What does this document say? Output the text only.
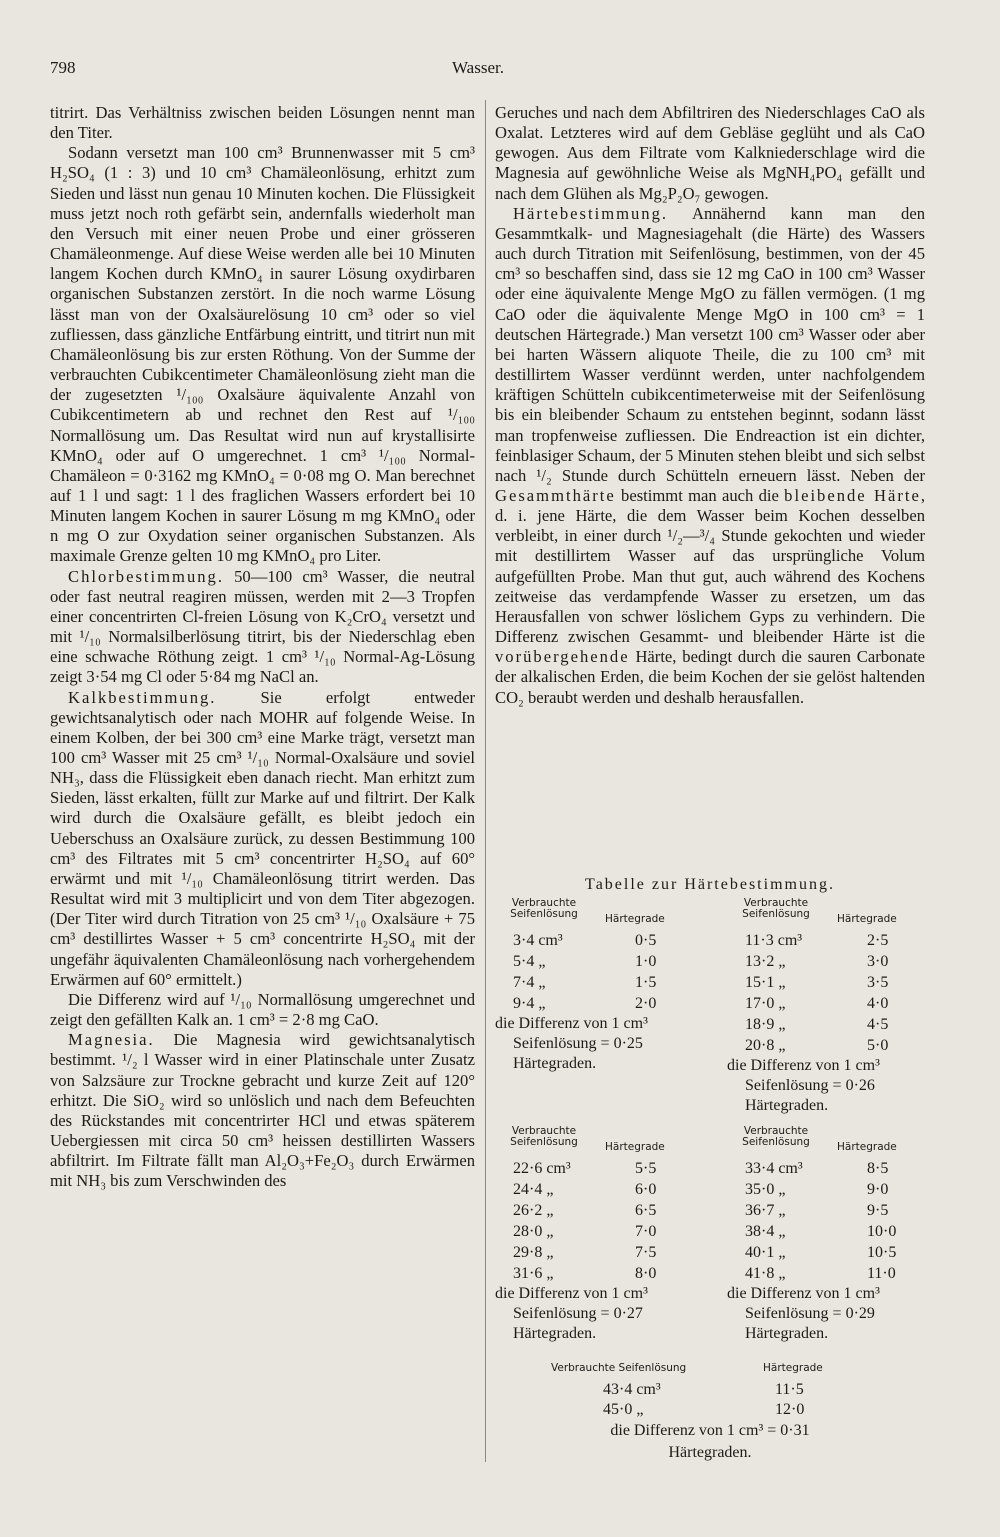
798	Wasser.

titrirt. Das Verhältniss zwischen beiden Lösungen nennt man den Titer.

Sodann versetzt man 100 cm³ Brunnenwasser mit 5 cm³ H₂SO₄ (1 : 3) und 10 cm³ Chamäleonlösung, erhitzt zum Sieden und lässt nun genau 10 Minuten kochen. Die Flüssigkeit muss jetzt noch roth gefärbt sein, andernfalls wiederholt man den Versuch mit einer neuen Probe und einer grösseren Chamäleonmenge. Auf diese Weise werden alle bei 10 Minuten langem Kochen durch KMnO₄ in saurer Lösung oxydirbaren organischen Substanzen zerstört. In die noch warme Lösung lässt man von der Oxalsäurelösung 10 cm³ oder so viel zufliessen, dass gänzliche Entfärbung eintritt, und titrirt nun mit Chamäleonlösung bis zur ersten Röthung. Von der Summe der verbrauchten Cubikcentimeter Chamäleonlösung zieht man die der zugesetzten ¹/₁₀₀ Oxalsäure äquivalente Anzahl von Cubikcentimetern ab und rechnet den Rest auf ¹/₁₀₀ Normallösung um. Das Resultat wird nun auf krystallisirte KMnO₄ oder auf O umgerechnet. 1 cm³ ¹/₁₀₀ Normal-Chamäleon = 0·3162 mg KMnO₄ = 0·08 mg O. Man berechnet auf 1 l und sagt: 1 l des fraglichen Wassers erfordert bei 10 Minuten langem Kochen in saurer Lösung m mg KMnO₄ oder n mg O zur Oxydation seiner organischen Substanzen. Als maximale Grenze gelten 10 mg KMnO₄ pro Liter.

Chlorbestimmung. 50—100 cm³ Wasser, die neutral oder fast neutral reagiren müssen, werden mit 2—3 Tropfen einer concentrirten Cl-freien Lösung von K₂CrO₄ versetzt und mit ¹/₁₀ Normalsilberlösung titrirt, bis der Niederschlag eben eine schwache Röthung zeigt. 1 cm³ ¹/₁₀ Normal-Ag-Lösung zeigt 3·54 mg Cl oder 5·84 mg NaCl an.

Kalkbestimmung. Sie erfolgt entweder gewichtsanalytisch oder nach MOHR auf folgende Weise. In einem Kolben, der bei 300 cm³ eine Marke trägt, versetzt man 100 cm³ Wasser mit 25 cm³ ¹/₁₀ Normal-Oxalsäure und soviel NH₃, dass die Flüssigkeit eben danach riecht. Man erhitzt zum Sieden, lässt erkalten, füllt zur Marke auf und filtrirt. Der Kalk wird durch die Oxalsäure gefällt, es bleibt jedoch ein Ueberschuss an Oxalsäure zurück, zu dessen Bestimmung 100 cm³ des Filtrates mit 5 cm³ concentrirter H₂SO₄ auf 60° erwärmt und mit ¹/₁₀ Chamäleonlösung titrirt werden. Das Resultat wird mit 3 multiplicirt und von dem Titer abgezogen. (Der Titer wird durch Titration von 25 cm³ ¹/₁₀ Oxalsäure + 75 cm³ destillirtes Wasser + 5 cm³ concentrirte H₂SO₄ mit der ungefähr äquivalenten Chamäleonlösung nach vorhergehendem Erwärmen auf 60° ermittelt.)

Die Differenz wird auf ¹/₁₀ Normallösung umgerechnet und zeigt den gefällten Kalk an. 1 cm³ = 2·8 mg CaO.

Magnesia. Die Magnesia wird gewichtsanalytisch bestimmt. ¹/₂ l Wasser wird in einer Platinschale unter Zusatz von Salzsäure zur Trockne gebracht und kurze Zeit auf 120° erhitzt. Die SiO₂ wird so unlöslich und nach dem Befeuchten des Rückstandes mit concentrirter HCl und etwas späterem Uebergiessen mit circa 50 cm³ heissen destillirten Wassers abfiltrirt. Im Filtrate fällt man Al₂O₃+Fe₂O₃ durch Erwärmen mit NH₃ bis zum Verschwinden des

Geruches und nach dem Abfiltriren des Niederschlages CaO als Oxalat. Letzteres wird auf dem Gebläse geglüht und als CaO gewogen. Aus dem Filtrate vom Kalkniederschlage wird die Magnesia auf gewöhnliche Weise als MgNH₄PO₄ gefällt und nach dem Glühen als Mg₂P₂O₇ gewogen.

Härtebestimmung. Annähernd kann man den Gesammtkalk- und Magnesiagehalt (die Härte) des Wassers auch durch Titration mit Seifenlösung, bestimmen, von der 45 cm³ so beschaffen sind, dass sie 12 mg CaO in 100 cm³ Wasser oder eine äquivalente Menge MgO zu fällen vermögen. (1 mg CaO oder die äquivalente Menge MgO in 100 cm³ = 1 deutschen Härtegrade.) Man versetzt 100 cm³ Wasser oder aber bei harten Wässern aliquote Theile, die zu 100 cm³ mit destillirtem Wasser verdünnt werden, unter nachfolgendem kräftigen Schütteln cubikcentimeterweise mit der Seifenlösung bis ein bleibender Schaum zu entstehen beginnt, sodann lässt man tropfenweise zufliessen. Die Endreaction ist ein dichter, feinblasiger Schaum, der 5 Minuten stehen bleibt und sich selbst nach ¹/₂ Stunde durch Schütteln erneuern lässt. Neben der Gesammthärte bestimmt man auch die bleibende Härte, d. i. jene Härte, die dem Wasser beim Kochen desselben verbleibt, in einer durch ¹/₂—³/₄ Stunde gekochten und wieder mit destillirtem Wasser auf das ursprüngliche Volum aufgefüllten Probe. Man thut gut, auch während des Kochens zeitweise das verdampfende Wasser zu ersetzen, um das Herausfallen von schwer löslichem Gyps zu verhindern. Die Differenz zwischen Gesammt- und bleibender Härte ist die vorübergehende Härte, bedingt durch die sauren Carbonate der alkalischen Erden, die beim Kochen der sie gelöst haltenden CO₂ beraubt werden und deshalb herausfallen.

Tabelle zur Härtebestimmung.
Verbrauchte Seifenlösung	Härtegrade
3·4 cm³	0·5
5·4 „	1·0
7·4 „	1·5
9·4 „	2·0
die Differenz von 1 cm³
Seifenlösung = 0·25
Härtegraden.
Verbrauchte Seifenlösung	Härtegrade
11·3 cm³	2·5
13·2 „	3·0
15·1 „	3·5
17·0 „	4·0
18·9 „	4·5
20·8 „	5·0
die Differenz von 1 cm³
Seifenlösung = 0·26
Härtegraden.
Verbrauchte Seifenlösung	Härtegrade
22·6 cm³	5·5
24·4 „	6·0
26·2 „	6·5
28·0 „	7·0
29·8 „	7·5
31·6 „	8·0
die Differenz von 1 cm³
Seifenlösung = 0·27
Härtegraden.
Verbrauchte Seifenlösung	Härtegrade
33·4 cm³	8·5
35·0 „	9·0
36·7 „	9·5
38·4 „	10·0
40·1 „	10·5
41·8 „	11·0
die Differenz von 1 cm³
Seifenlösung = 0·29
Härtegraden.
Verbrauchte Seifenlösung	Härtegrade
43·4 cm³	11·5
45·0 „	12·0
die Differenz von 1 cm³ = 0·31
Härtegraden.
